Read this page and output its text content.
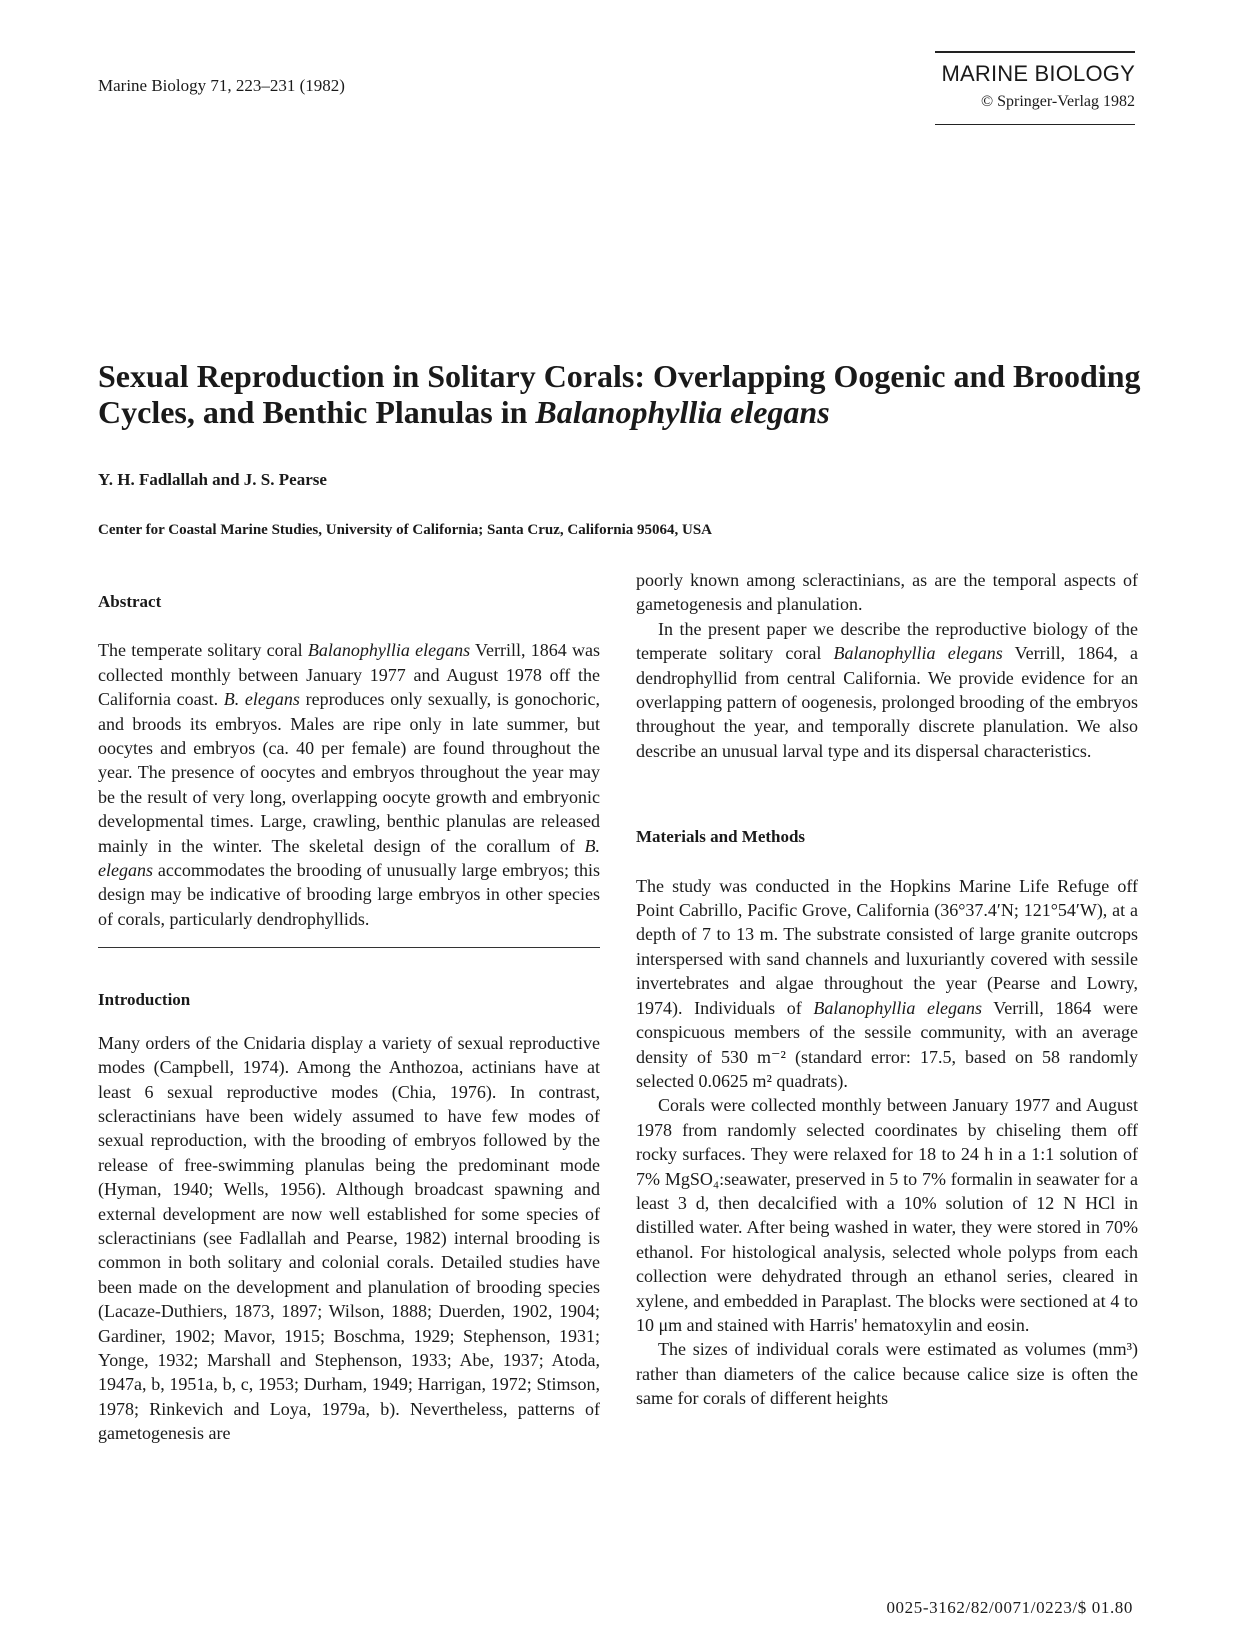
Marine Biology 71, 223–231 (1982)	MARINE BIOLOGY
© Springer-Verlag 1982
Sexual Reproduction in Solitary Corals: Overlapping Oogenic and Brooding Cycles, and Benthic Planulas in Balanophyllia elegans
Y. H. Fadlallah and J. S. Pearse
Center for Coastal Marine Studies, University of California; Santa Cruz, California 95064, USA
Abstract

The temperate solitary coral Balanophyllia elegans Verrill, 1864 was collected monthly between January 1977 and August 1978 off the California coast. B. elegans reproduces only sexually, is gonochoric, and broods its embryos. Males are ripe only in late summer, but oocytes and embryos (ca. 40 per female) are found throughout the year. The presence of oocytes and embryos throughout the year may be the result of very long, overlapping oocyte growth and embryonic developmental times. Large, crawling, benthic planulas are released mainly in the winter. The skeletal design of the corallum of B. elegans accommodates the brooding of unusually large embryos; this design may be indicative of brooding large embryos in other species of corals, particularly dendrophyllids.

Introduction

Many orders of the Cnidaria display a variety of sexual reproductive modes (Campbell, 1974). Among the Anthozoa, actinians have at least 6 sexual reproductive modes (Chia, 1976). In contrast, scleractinians have been widely assumed to have few modes of sexual reproduction, with the brooding of embryos followed by the release of free-swimming planulas being the predominant mode (Hyman, 1940; Wells, 1956). Although broadcast spawning and external development are now well established for some species of scleractinians (see Fadlallah and Pearse, 1982) internal brooding is common in both solitary and colonial corals. Detailed studies have been made on the development and planulation of brooding species (Lacaze-Duthiers, 1873, 1897; Wilson, 1888; Duerden, 1902, 1904; Gardiner, 1902; Mavor, 1915; Boschma, 1929; Stephenson, 1931; Yonge, 1932; Marshall and Stephenson, 1933; Abe, 1937; Atoda, 1947a, b, 1951a, b, c, 1953; Durham, 1949; Harrigan, 1972; Stimson, 1978; Rinkevich and Loya, 1979a, b). Nevertheless, patterns of gametogenesis are

poorly known among scleractinians, as are the temporal aspects of gametogenesis and planulation.

In the present paper we describe the reproductive biology of the temperate solitary coral Balanophyllia elegans Verrill, 1864, a dendrophyllid from central California. We provide evidence for an overlapping pattern of oogenesis, prolonged brooding of the embryos throughout the year, and temporally discrete planulation. We also describe an unusual larval type and its dispersal characteristics.

Materials and Methods

The study was conducted in the Hopkins Marine Life Refuge off Point Cabrillo, Pacific Grove, California (36°37.4′N; 121°54′W), at a depth of 7 to 13 m. The substrate consisted of large granite outcrops interspersed with sand channels and luxuriantly covered with sessile invertebrates and algae throughout the year (Pearse and Lowry, 1974). Individuals of Balanophyllia elegans Verrill, 1864 were conspicuous members of the sessile community, with an average density of 530 m⁻² (standard error: 17.5, based on 58 randomly selected 0.0625 m² quadrats).

Corals were collected monthly between January 1977 and August 1978 from randomly selected coordinates by chiseling them off rocky surfaces. They were relaxed for 18 to 24 h in a 1:1 solution of 7% MgSO₄:seawater, preserved in 5 to 7% formalin in seawater for a least 3 d, then decalcified with a 10% solution of 12 N HCl in distilled water. After being washed in water, they were stored in 70% ethanol. For histological analysis, selected whole polyps from each collection were dehydrated through an ethanol series, cleared in xylene, and embedded in Paraplast. The blocks were sectioned at 4 to 10 μm and stained with Harris' hematoxylin and eosin.

The sizes of individual corals were estimated as volumes (mm³) rather than diameters of the calice because calice size is often the same for corals of different heights

0025-3162/82/0071/0223/$ 01.80
